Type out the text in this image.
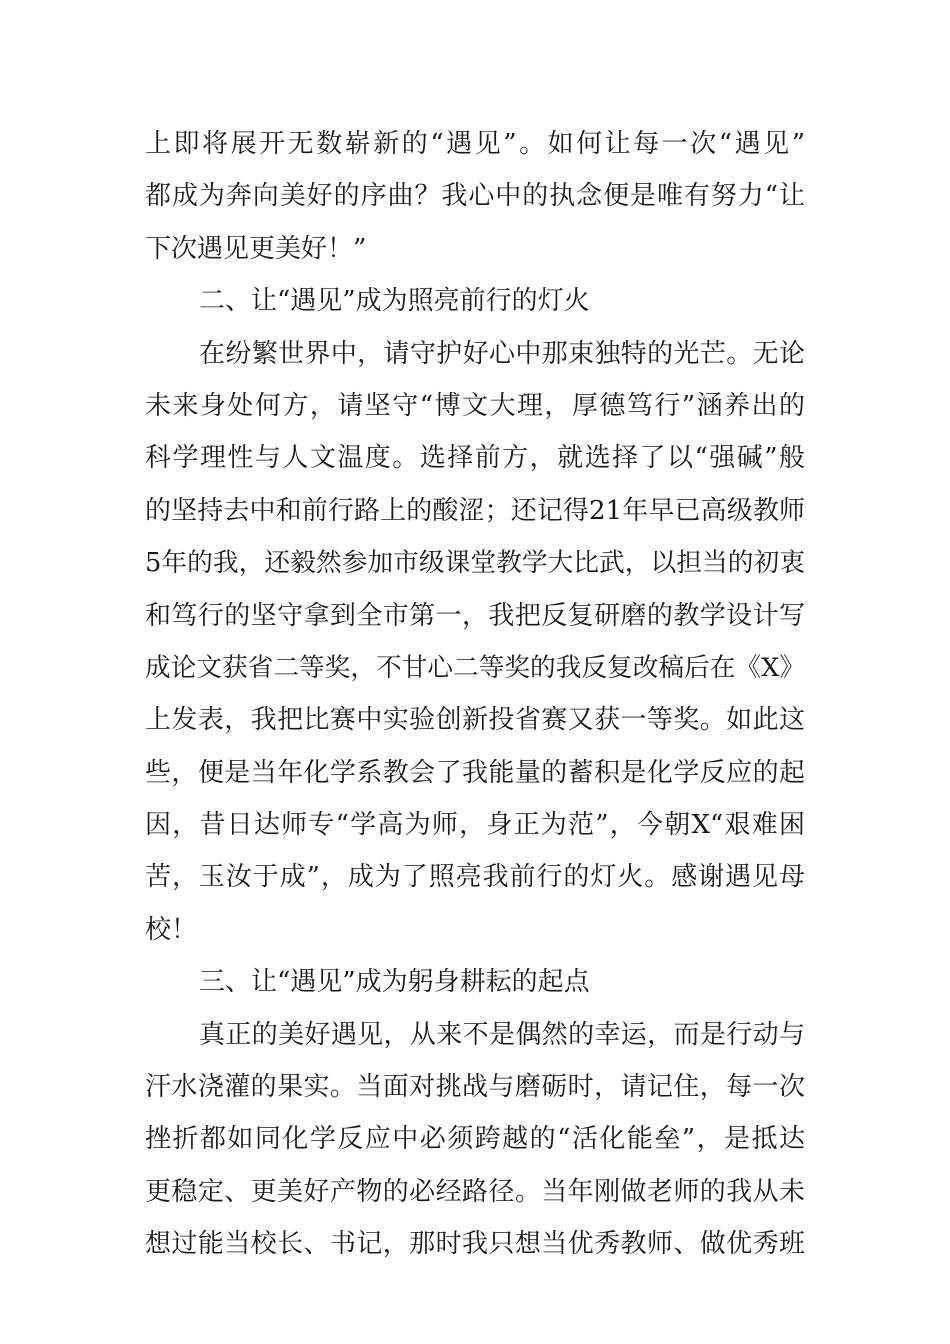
上即将展开无数崭新的“遇见”。如何让每一次“遇见”
都成为奔向美好的序曲？我心中的执念便是唯有努力“让
下次遇见更美好！”
二、让“遇见”成为照亮前行的灯火
在纷繁世界中，请守护好心中那束独特的光芒。无论
未来身处何方，请坚守“博文大理，厚德笃行”涵养出的
科学理性与人文温度。选择前方，就选择了以“强碱”般
的坚持去中和前行路上的酸涩；还记得21年早已高级教师
5年的我，还毅然参加市级课堂教学大比武，以担当的初衷
和笃行的坚守拿到全市第一，我把反复研磨的教学设计写
成论文获省二等奖，不甘心二等奖的我反复改稿后在《X》
上发表，我把比赛中实验创新投省赛又获一等奖。如此这
些，便是当年化学系教会了我能量的蓄积是化学反应的起
因，昔日达师专“学高为师，身正为范”，今朝X“艰难困
苦，玉汝于成”，成为了照亮我前行的灯火。感谢遇见母
校！
三、让“遇见”成为躬身耕耘的起点
真正的美好遇见，从来不是偶然的幸运，而是行动与
汗水浇灌的果实。当面对挑战与磨砺时，请记住，每一次
挫折都如同化学反应中必须跨越的“活化能垒”，是抵达
更稳定、更美好产物的必经路径。当年刚做老师的我从未
想过能当校长、书记，那时我只想当优秀教师、做优秀班
